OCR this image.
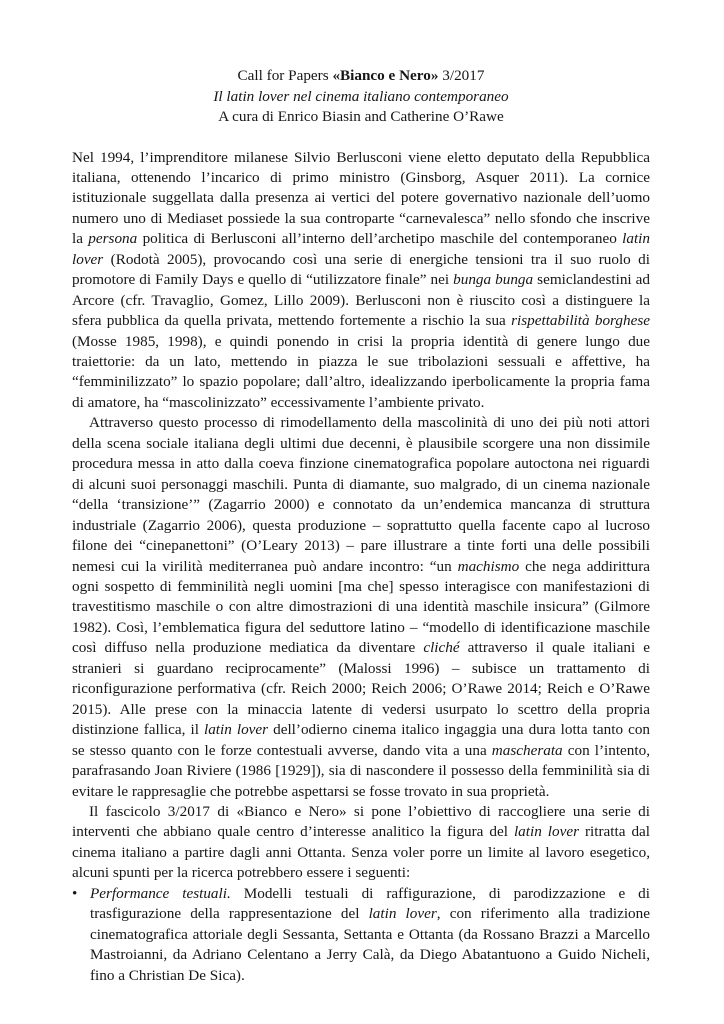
Call for Papers «Bianco e Nero» 3/2017
Il latin lover nel cinema italiano contemporaneo
A cura di Enrico Biasin and Catherine O’Rawe

Nel 1994, l’imprenditore milanese Silvio Berlusconi viene eletto deputato della Repubblica italiana, ottenendo l’incarico di primo ministro (Ginsborg, Asquer 2011). La cornice istituzionale suggellata dalla presenza ai vertici del potere governativo nazionale dell’uomo numero uno di Mediaset possiede la sua controparte “carnevalesca” nello sfondo che inscrive la persona politica di Berlusconi all’interno dell’archetipo maschile del contemporaneo latin lover (Rodotà 2005), provocando così una serie di energiche tensioni tra il suo ruolo di promotore di Family Days e quello di “utilizzatore finale” nei bunga bunga semiclandestini ad Arcore (cfr. Travaglio, Gomez, Lillo 2009). Berlusconi non è riuscito così a distinguere la sfera pubblica da quella privata, mettendo fortemente a rischio la sua rispettabilità borghese (Mosse 1985, 1998), e quindi ponendo in crisi la propria identità di genere lungo due traiettorie: da un lato, mettendo in piazza le sue tribolazioni sessuali e affettive, ha “femminilizzato” lo spazio popolare; dall’altro, idealizzando iperbolicamente la propria fama di amatore, ha “mascolinizzato” eccessivamente l’ambiente privato.

Attraverso questo processo di rimodellamento della mascolinità di uno dei più noti attori della scena sociale italiana degli ultimi due decenni, è plausibile scorgere una non dissimile procedura messa in atto dalla coeva finzione cinematografica popolare autoctona nei riguardi di alcuni suoi personaggi maschili. Punta di diamante, suo malgrado, di un cinema nazionale “della ‘transizione’” (Zagarrio 2000) e connotato da un’endemica mancanza di struttura industriale (Zagarrio 2006), questa produzione – soprattutto quella facente capo al lucroso filone dei “cinepanettoni” (O’Leary 2013) – pare illustrare a tinte forti una delle possibili nemesi cui la virilità mediterranea può andare incontro: “un machismo che nega addirittura ogni sospetto di femminilità negli uomini [ma che] spesso interagisce con manifestazioni di travestitismo maschile o con altre dimostrazioni di una identità maschile insicura” (Gilmore 1982). Così, l’emblematica figura del seduttore latino – “modello di identificazione maschile così diffuso nella produzione mediatica da diventare cliché attraverso il quale italiani e stranieri si guardano reciprocamente” (Malossi 1996) – subisce un trattamento di riconfigurazione performativa (cfr. Reich 2000; Reich 2006; O’Rawe 2014; Reich e O’Rawe 2015). Alle prese con la minaccia latente di vedersi usurpato lo scettro della propria distinzione fallica, il latin lover dell’odierno cinema italico ingaggia una dura lotta tanto con se stesso quanto con le forze contestuali avverse, dando vita a una mascherata con l’intento, parafrasando Joan Riviere (1986 [1929]), sia di nascondere il possesso della femminilità sia di evitare le rappresaglie che potrebbe aspettarsi se fosse trovato in sua proprietà.

Il fascicolo 3/2017 di «Bianco e Nero» si pone l’obiettivo di raccogliere una serie di interventi che abbiano quale centro d’interesse analitico la figura del latin lover ritratta dal cinema italiano a partire dagli anni Ottanta. Senza voler porre un limite al lavoro esegetico, alcuni spunti per la ricerca potrebbero essere i seguenti:

• Performance testuali. Modelli testuali di raffigurazione, di parodizzazione e di trasfigurazione della rappresentazione del latin lover, con riferimento alla tradizione cinematografica attoriale degli Sessanta, Settanta e Ottanta (da Rossano Brazzi a Marcello Mastroianni, da Adriano Celentano a Jerry Calà, da Diego Abatantuono a Guido Nicheli, fino a Christian De Sica).
